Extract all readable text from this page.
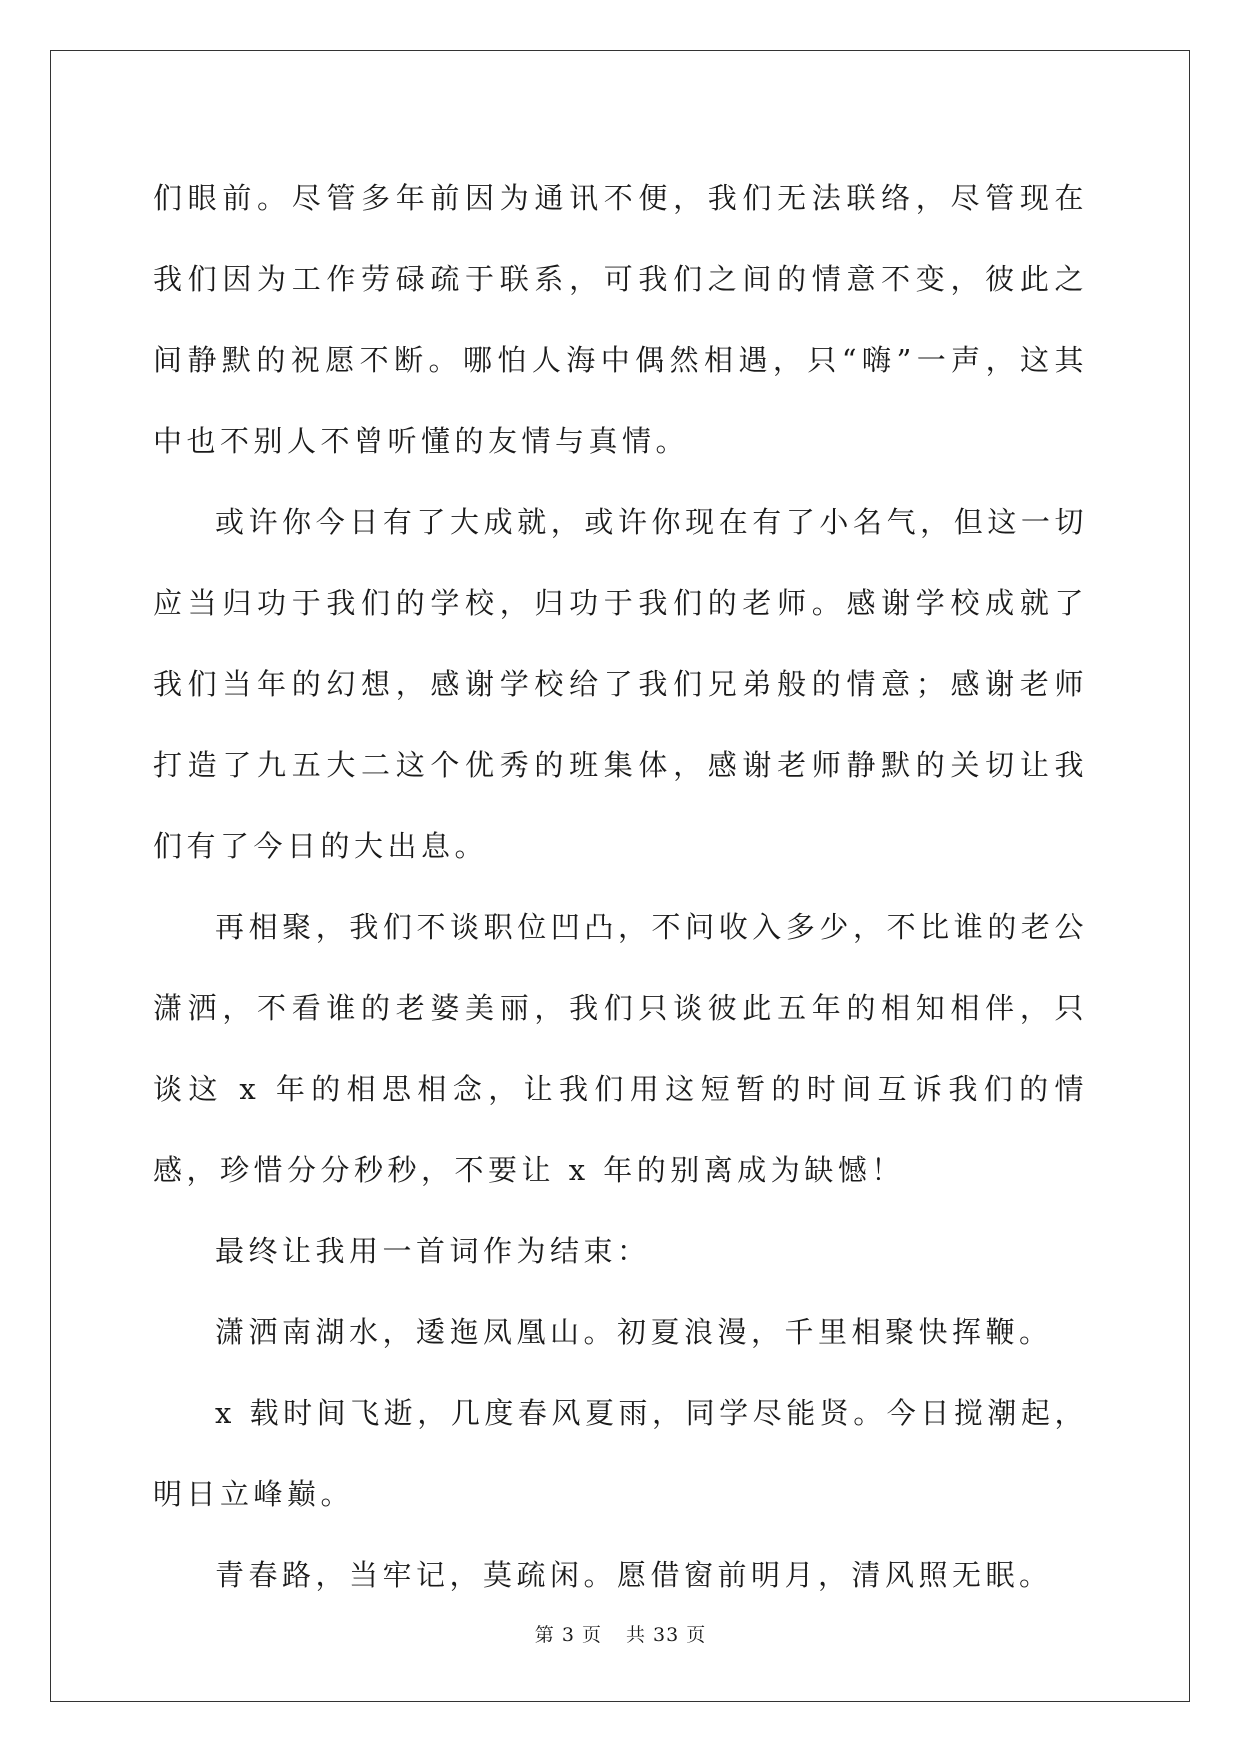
们眼前。尽管多年前因为通讯不便，我们无法联络，尽管现在我们因为工作劳碌疏于联系，可我们之间的情意不变，彼此之间静默的祝愿不断。哪怕人海中偶然相遇，只“嗨”一声，这其中也不别人不曾听懂的友情与真情。

或许你今日有了大成就，或许你现在有了小名气，但这一切应当归功于我们的学校，归功于我们的老师。感谢学校成就了我们当年的幻想，感谢学校给了我们兄弟般的情意；感谢老师打造了九五大二这个优秀的班集体，感谢老师静默的关切让我们有了今日的大出息。

再相聚，我们不谈职位凹凸，不问收入多少，不比谁的老公潇洒，不看谁的老婆美丽，我们只谈彼此五年的相知相伴，只谈这 x 年的相思相念，让我们用这短暂的时间互诉我们的情感，珍惜分分秒秒，不要让 x 年的别离成为缺憾！

最终让我用一首词作为结束：

潇洒南湖水，逶迤凤凰山。初夏浪漫，千里相聚快挥鞭。

x 载时间飞逝，几度春风夏雨，同学尽能贤。今日搅潮起，明日立峰巅。

青春路，当牢记，莫疏闲。愿借窗前明月，清风照无眠。

第 3 页 共 33 页
